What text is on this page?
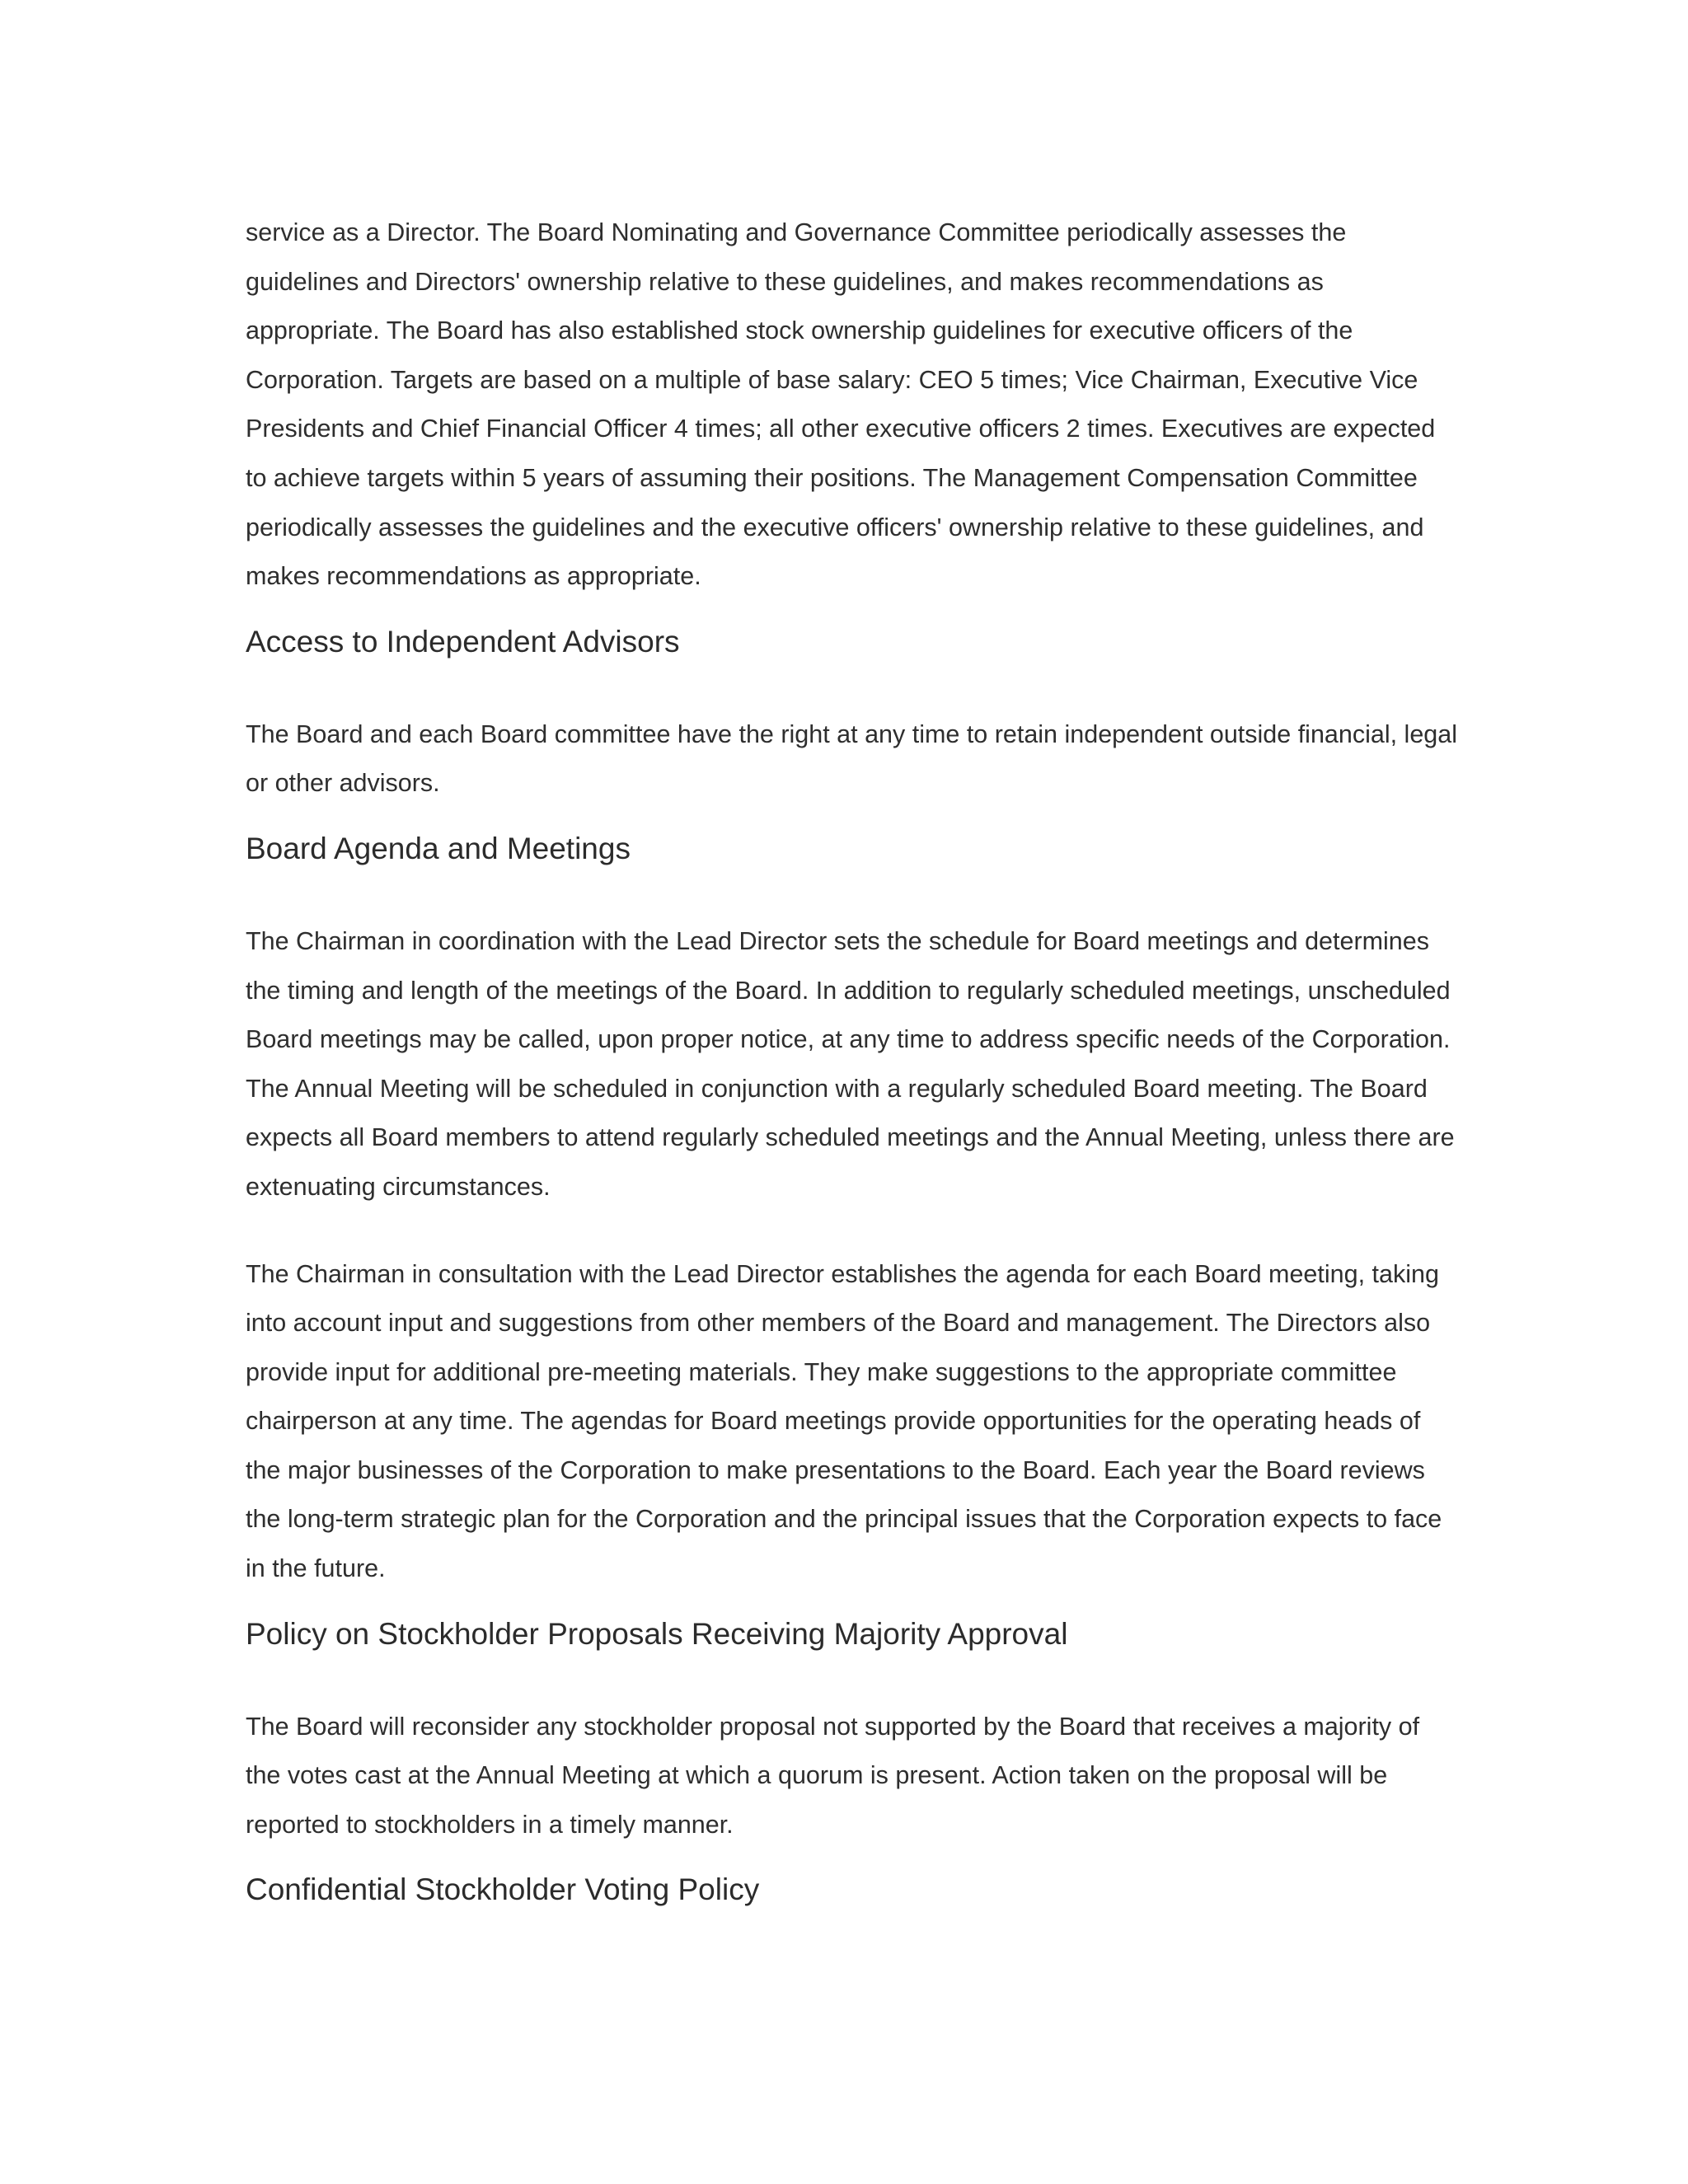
service as a Director. The Board Nominating and Governance Committee periodically assesses the guidelines and Directors' ownership relative to these guidelines, and makes recommendations as appropriate. The Board has also established stock ownership guidelines for executive officers of the Corporation. Targets are based on a multiple of base salary: CEO 5 times; Vice Chairman, Executive Vice Presidents and Chief Financial Officer 4 times; all other executive officers 2 times. Executives are expected to achieve targets within 5 years of assuming their positions. The Management Compensation Committee periodically assesses the guidelines and the executive officers' ownership relative to these guidelines, and makes recommendations as appropriate.

Access to Independent Advisors

The Board and each Board committee have the right at any time to retain independent outside financial, legal or other advisors.

Board Agenda and Meetings

The Chairman in coordination with the Lead Director sets the schedule for Board meetings and determines the timing and length of the meetings of the Board. In addition to regularly scheduled meetings, unscheduled Board meetings may be called, upon proper notice, at any time to address specific needs of the Corporation. The Annual Meeting will be scheduled in conjunction with a regularly scheduled Board meeting. The Board expects all Board members to attend regularly scheduled meetings and the Annual Meeting, unless there are extenuating circumstances.

The Chairman in consultation with the Lead Director establishes the agenda for each Board meeting, taking into account input and suggestions from other members of the Board and management. The Directors also provide input for additional pre-meeting materials. They make suggestions to the appropriate committee chairperson at any time. The agendas for Board meetings provide opportunities for the operating heads of the major businesses of the Corporation to make presentations to the Board. Each year the Board reviews the long-term strategic plan for the Corporation and the principal issues that the Corporation expects to face in the future.

Policy on Stockholder Proposals Receiving Majority Approval

The Board will reconsider any stockholder proposal not supported by the Board that receives a majority of the votes cast at the Annual Meeting at which a quorum is present. Action taken on the proposal will be reported to stockholders in a timely manner.

Confidential Stockholder Voting Policy
